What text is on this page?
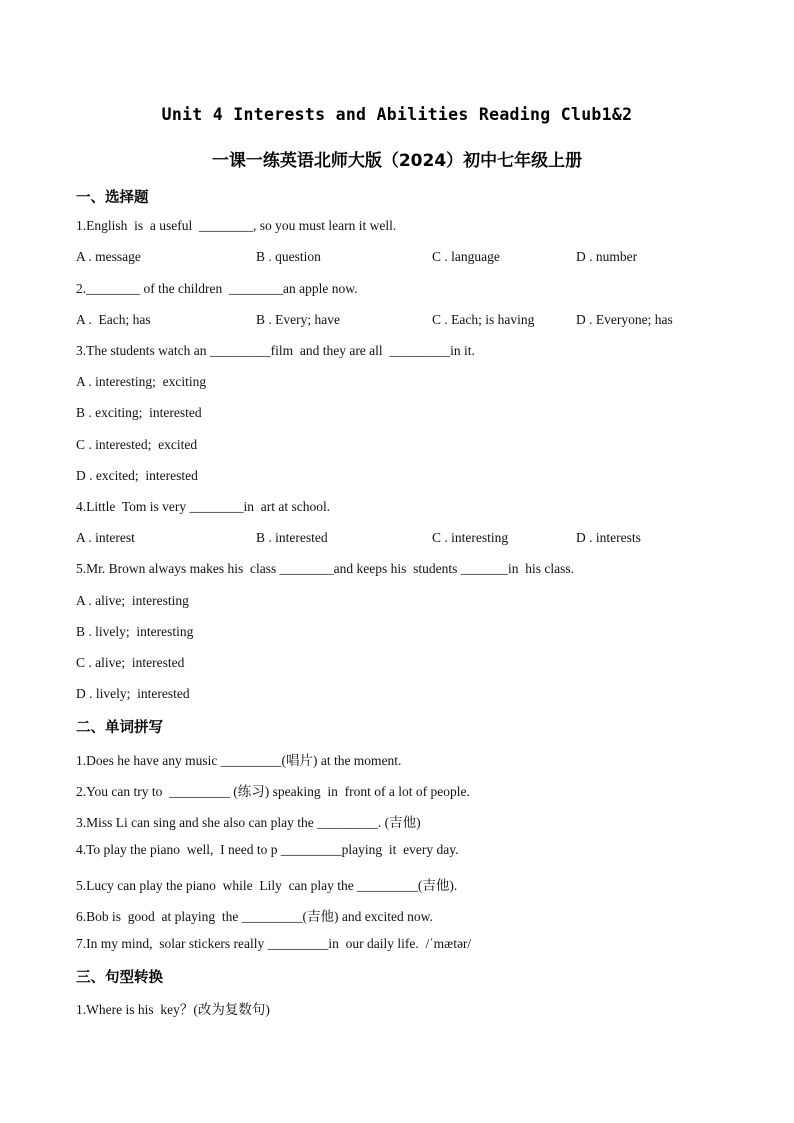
Unit 4 Interests and Abilities Reading Club1&2
一课一练英语北师大版（2024）初中七年级上册
一、选择题
1.English  is  a useful  ________, so you must learn it well.
A . message	B . question	C . language	D . number
2.________ of the children  ________an apple now.
A .  Each; has	B . Every; have	C . Each; is having	D . Everyone; has
3.The students watch an _________film  and they are all  _________in it.
A . interesting;  exciting
B . exciting;  interested
C . interested;  excited
D . excited;  interested
4.Little  Tom is very ________in  art at school.
A . interest	B . interested	C . interesting	D . interests
5.Mr. Brown always makes his  class ________and keeps his  students _______in  his class.
A . alive;  interesting
B . lively;  interesting
C . alive;  interested
D . lively;  interested
二、单词拼写
1.Does he have any music _________(唱片) at the moment.
2.You can try to  _________ (练习) speaking  in  front of a lot of people.
3.Miss Li can sing and she also can play the _________. (吉他)
4.To play the piano  well,  I need to p _________playing  it  every day.
5.Lucy can play the piano  while  Lily  can play the _________(吉他).
6.Bob is  good  at playing  the _________(吉他) and excited now.
7.In my mind,  solar stickers really _________in  our daily life.  /ˈmætər/
三、句型转换
1.Where is his  key？(改为复数句)
